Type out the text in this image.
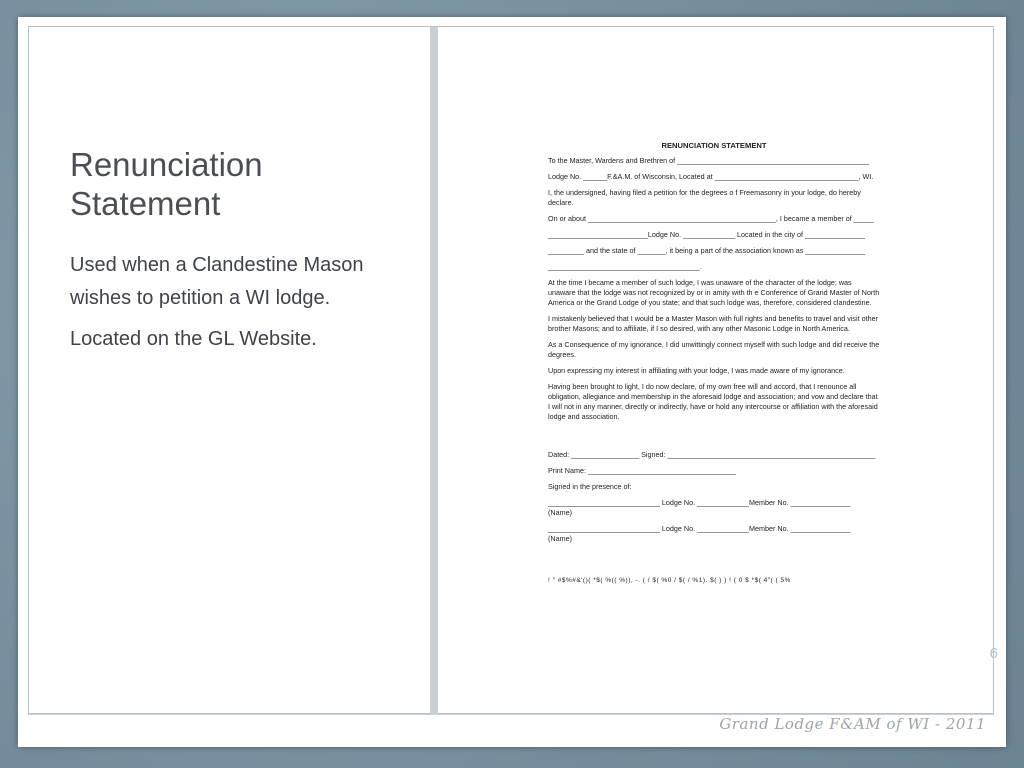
Renunciation
Statement

Used when a Clandestine Mason wishes to petition a WI lodge.

Located on the GL Website.

RENUNCIATION STATEMENT

To the Master, Wardens and Brethren of ________________________________________________

Lodge No. ______F.&A.M. of Wisconsin, Located at ____________________________________, WI.

I, the undersigned, having filed a petition for the degrees o f Freemasonry in your lodge, do hereby declare.

On or about _______________________________________________, I became a member of _____

_________________________Lodge No. _____________ Located in the city of _______________

_________ and the state of _______, it being a part of the association known as _______________

______________________________________.

At the time I became a member of such lodge, I was unaware of the character of the lodge; was unaware that the lodge was not recognized by or in amity with th e Conference of Grand Master of North America or the Grand Lodge of you state; and that such lodge was, therefore, considered clandestine.

I mistakenly believed that I would be a Master Mason with full rights and benefits to travel and visit other brother Masons; and to affiliate, if I so desired, with any other Masonic Lodge in North America.

As a Consequence of my ignorance, I did unwittingly connect myself with such lodge and did receive the degrees.

Upon expressing my interest in affiliating with your lodge, I was made aware of my ignorance.

Having been brought to light, I do now declare, of my own free will and accord, that I renounce all obligation, allegiance and membership in the aforesaid lodge and association; and vow and declare that I will not in any manner, directly or indirectly, have or hold any intercourse or affiliation with the aforesaid lodge and association.

Dated: _________________ Signed: ____________________________________________________

Print Name: _____________________________________

Signed in the presence of:

____________________________ Lodge No. _____________Member No. _______________

(Name)

____________________________ Lodge No. _____________Member No. _______________

(Name)

! " #$%#&'()( *$( %(( %)), -. ( / $( %0 / $( / %1). $( ) ) ! ( 0 $ *$( 4"( ( 5%

6
Grand Lodge F&AM of WI - 2011
